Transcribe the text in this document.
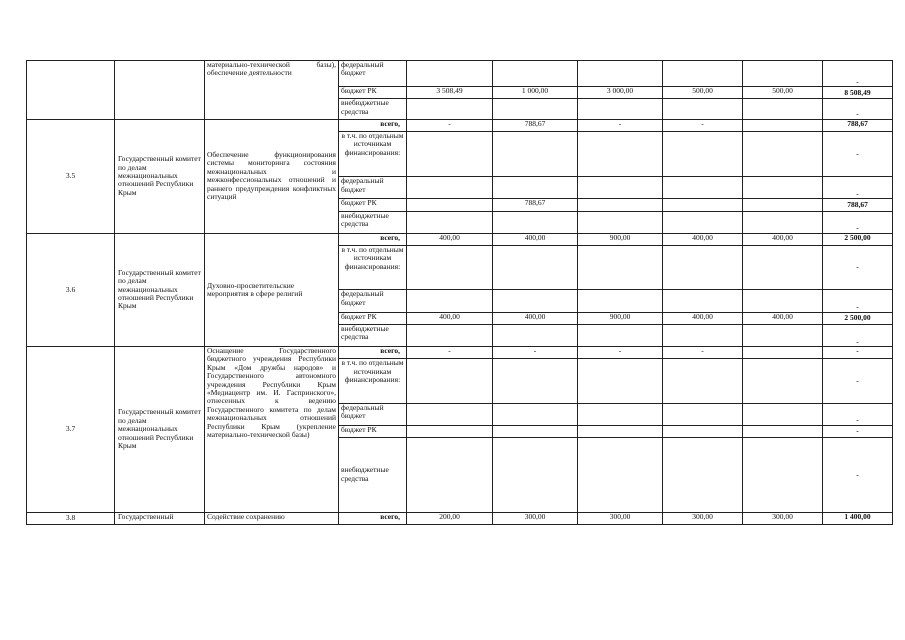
		материально-технической базы), обеспечение деятельности	федеральный бюджет						-
			бюджет РК	3 508,49	1 000,00	3 000,00	500,00	500,00	8 508,49
			внебюджетные средства						-
3.5	Государственный комитет по делам межнациональных отношений Республики Крым	Обеспечение функционирования системы мониторинга состояния межнациональных и межконфессиональных отношений и раннего предупреждения конфликтных ситуаций	всего,	-	788,67	-	-		788,67
			в т.ч. по отдельным источникам финансирования:						-
			федеральный бюджет						-
			бюджет РК		788,67				788,67
			внебюджетные средства						-
3.6	Государственный комитет по делам межнациональных отношений Республики Крым	Духовно-просветительские мероприятия в сфере религий	всего,	400,00	400,00	900,00	400,00	400,00	2 500,00
			в т.ч. по отдельным источникам финансирования:						-
			федеральный бюджет						-
			бюджет РК	400,00	400,00	900,00	400,00	400,00	2 500,00
			внебюджетные средства						-
3.7	Государственный комитет по делам межнациональных отношений Республики Крым	Оснащение Государственного бюджетного учреждения Республики Крым «Дом дружбы народов» и Государственного автономного учреждения Республики Крым «Медиацентр им. И. Гаспринского», отнесенных к ведению Государственного комитета по делам межнациональных отношений Республики Крым (укрепление материально-технической базы)	всего,	-	-	-	-		-
			в т.ч. по отдельным источникам финансирования:						-
			федеральный бюджет						-
			бюджет РК						-
			внебюджетные средства						-
3.8	Государственный	Содействие сохранению	всего,	200,00	300,00	300,00	300,00	300,00	1 400,00
